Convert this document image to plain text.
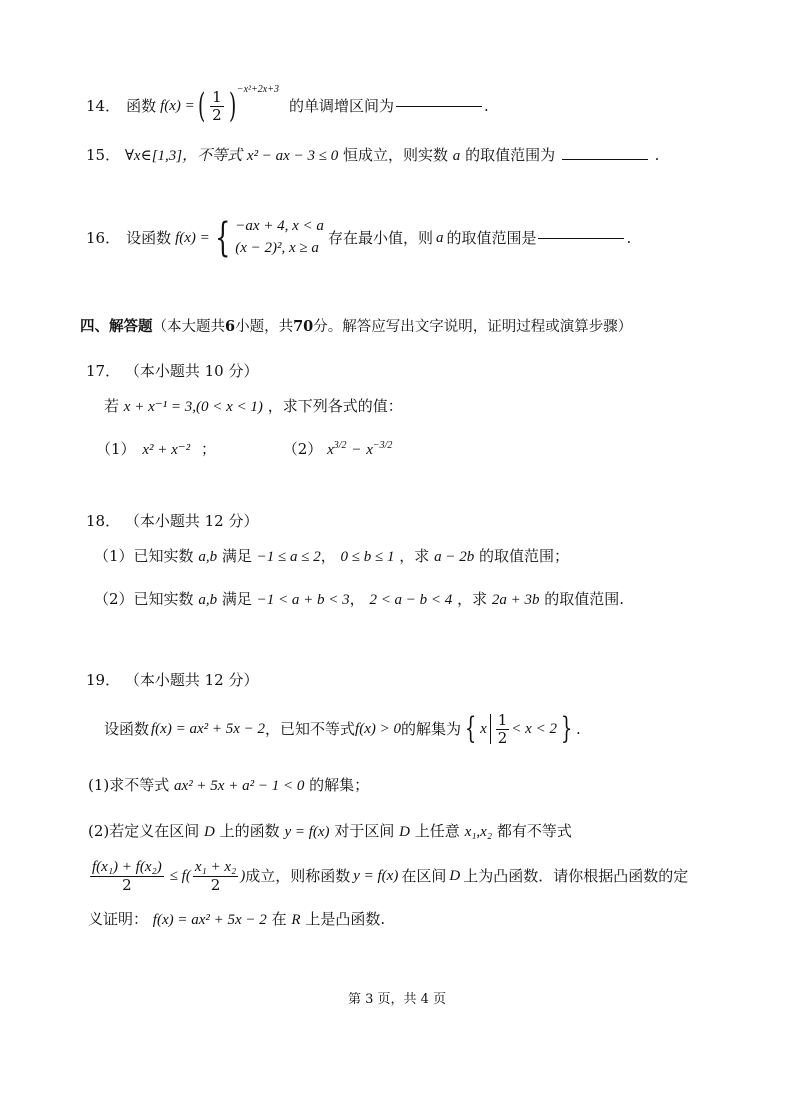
14． 函数 f(x) = ( $\frac{1}{2}$ ) −x²+2x+3
的单调增区间为	.
15． ∀x∈[1,3]，不等式 x² − ax − 3 ≤ 0 恒成立，则实数 a 的取值范围为	.
16． 设函数 f(x) = { −ax + 4, x < a
(x − 2)², x ≥ a
存在最小值，则 a 的取值范围是	.
四、解答题（本大题共6小题，共70分。解答应写出文字说明，证明过程或演算步骤）
17． （本小题共 10 分）
若 x + x⁻¹ = 3,(0 < x < 1) ，求下列各式的值：
（1） x² + x⁻² ；	（2） $x^{3/2} - x^{-3/2}$
18． （本小题共 12 分）
（1）已知实数 a,b 满足 −1 ≤ a ≤ 2， 0 ≤ b ≤ 1 ，求 a − 2b 的取值范围；
（2）已知实数 a,b 满足 −1 < a + b < 3， 2 < a − b < 4 ，求 2a + 3b 的取值范围.
19． （本小题共 12 分）
设函数 f(x) = ax² + 5x − 2 ，已知不等式 f(x) > 0 的解集为 { x $\frac{1}{2} < x < 2$ } .
(1)求不等式 ax² + 5x + a² − 1 < 0 的解集；
(2)若定义在区间 D 上的函数 y = f(x) 对于区间 D 上任意 x₁,x₂ 都有不等式
$\frac{\text{f(x₁) + f(x₂)}}{2} \le f( \frac{\text{x₁ + x₂}}{2}$ ) 成立，则称函数 y = f(x) 在区间 D 上为凸函数．请你根据凸函数的定
义证明： f(x) = ax² + 5x − 2 在 R 上是凸函数.
第 3 页，共 4 页
